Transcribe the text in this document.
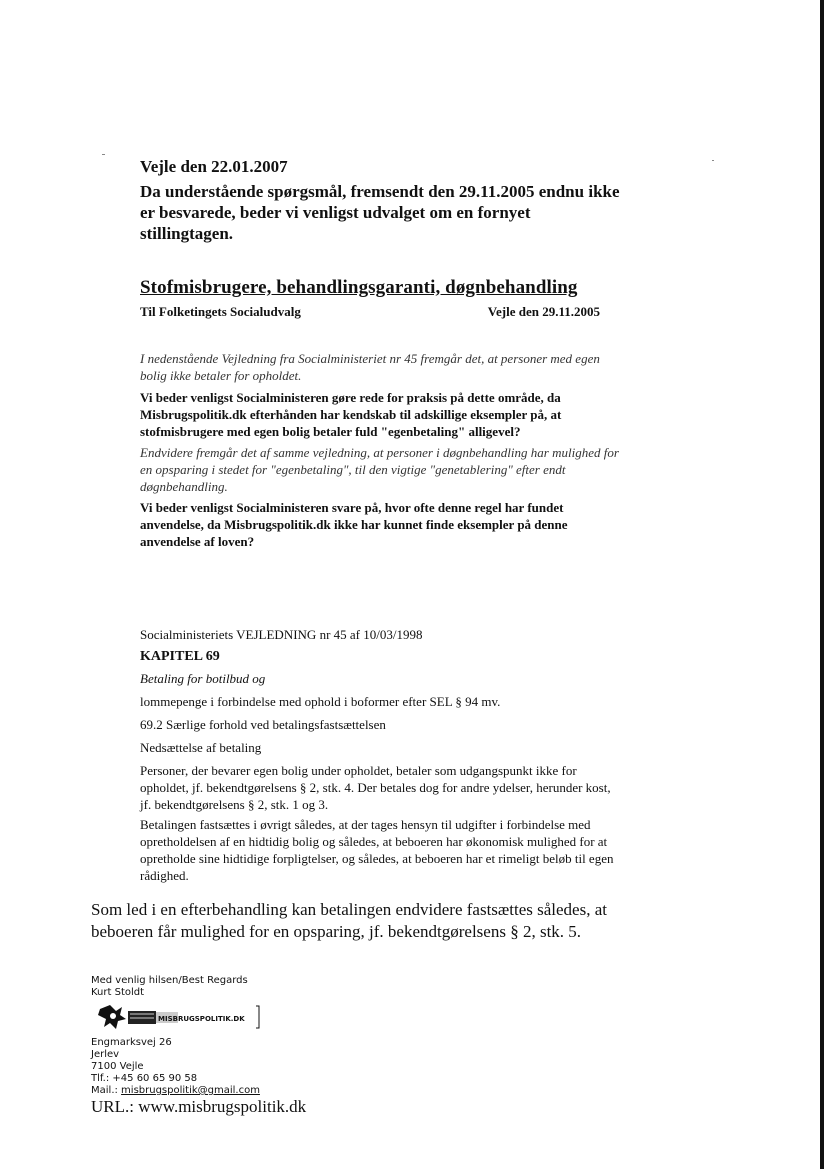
Vejle den 22.01.2007

Da understående spørgsmål, fremsendt den 29.11.2005 endnu ikke er besvarede, beder vi venligst udvalget om en fornyet stillingtagen.

Stofmisbrugere, behandlingsgaranti, døgnbehandling
Til Folketingets Socialudvalg	Vejle den 29.11.2005

I nedenstående Vejledning fra Socialministeriet nr 45 fremgår det, at personer med egen bolig ikke betaler for opholdet.

Vi beder venligst Socialministeren gøre rede for praksis på dette område, da Misbrugspolitik.dk efterhånden har kendskab til adskillige eksempler på, at stofmisbrugere med egen bolig betaler fuld "egenbetaling" alligevel?

Endvidere fremgår det af samme vejledning, at personer i døgnbehandling har mulighed for en opsparing i stedet for "egenbetaling", til den vigtige "genetablering" efter endt døgnbehandling.

Vi beder venligst Socialministeren svare på, hvor ofte denne regel har fundet anvendelse, da Misbrugspolitik.dk ikke har kunnet finde eksempler på denne anvendelse af loven?

Socialministeriets VEJLEDNING nr 45 af 10/03/1998

KAPITEL 69

Betaling for botilbud og

lommepenge i forbindelse med ophold i boformer efter SEL § 94 mv.

69.2 Særlige forhold ved betalingsfastsættelsen

Nedsættelse af betaling

Personer, der bevarer egen bolig under opholdet, betaler som udgangspunkt ikke for opholdet, jf. bekendtgørelsens § 2, stk. 4. Der betales dog for andre ydelser, herunder kost, jf. bekendtgørelsens § 2, stk. 1 og 3.

Betalingen fastsættes i øvrigt således, at der tages hensyn til udgifter i forbindelse med opretholdelsen af en hidtidig bolig og således, at beboeren har økonomisk mulighed for at opretholde sine hidtidige forpligtelser, og således, at beboeren har et rimeligt beløb til egen rådighed.

Som led i en efterbehandling kan betalingen endvidere fastsættes således, at beboeren får mulighed for en opsparing, jf. bekendtgørelsens § 2, stk. 5.

Med venlig hilsen/Best Regards

Kurt Stoldt

MISBRUGSPOLITIK.DK

Engmarksvej 26

Jerlev

7100 Vejle

Tlf.: +45 60 65 90 58

Mail.: misbrugspolitik@gmail.com

URL.: www.misbrugspolitik.dk
